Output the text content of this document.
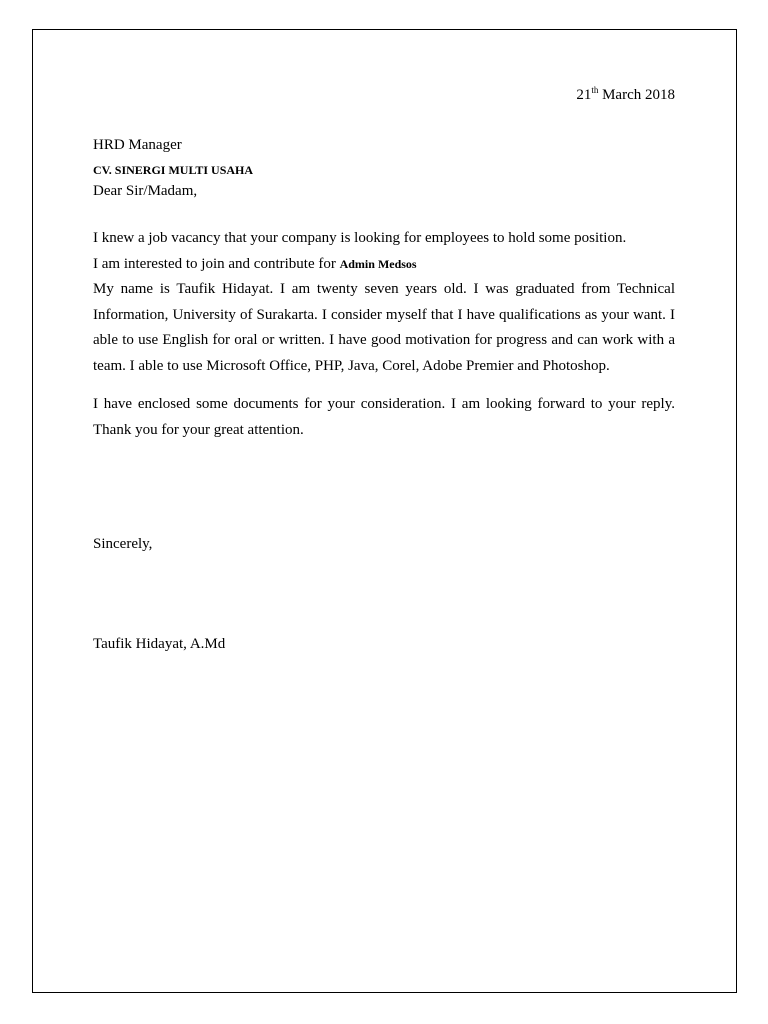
21th March 2018
HRD Manager
CV. SINERGI MULTI USAHA
Dear Sir/Madam,
I knew a job vacancy that your company is looking for employees to hold some position.
I am interested to join and contribute for Admin Medsos

My name is Taufik Hidayat. I am twenty seven years old. I was graduated from Technical Information, University of Surakarta. I consider myself that I have qualifications as your want. I able to use English for oral or written. I have good motivation for progress and can work with a team. I able to use Microsoft Office, PHP, Java, Corel, Adobe Premier and Photoshop.

I have enclosed some documents for your consideration. I am looking forward to your reply. Thank you for your great attention.

Sincerely,
Taufik Hidayat, A.Md
